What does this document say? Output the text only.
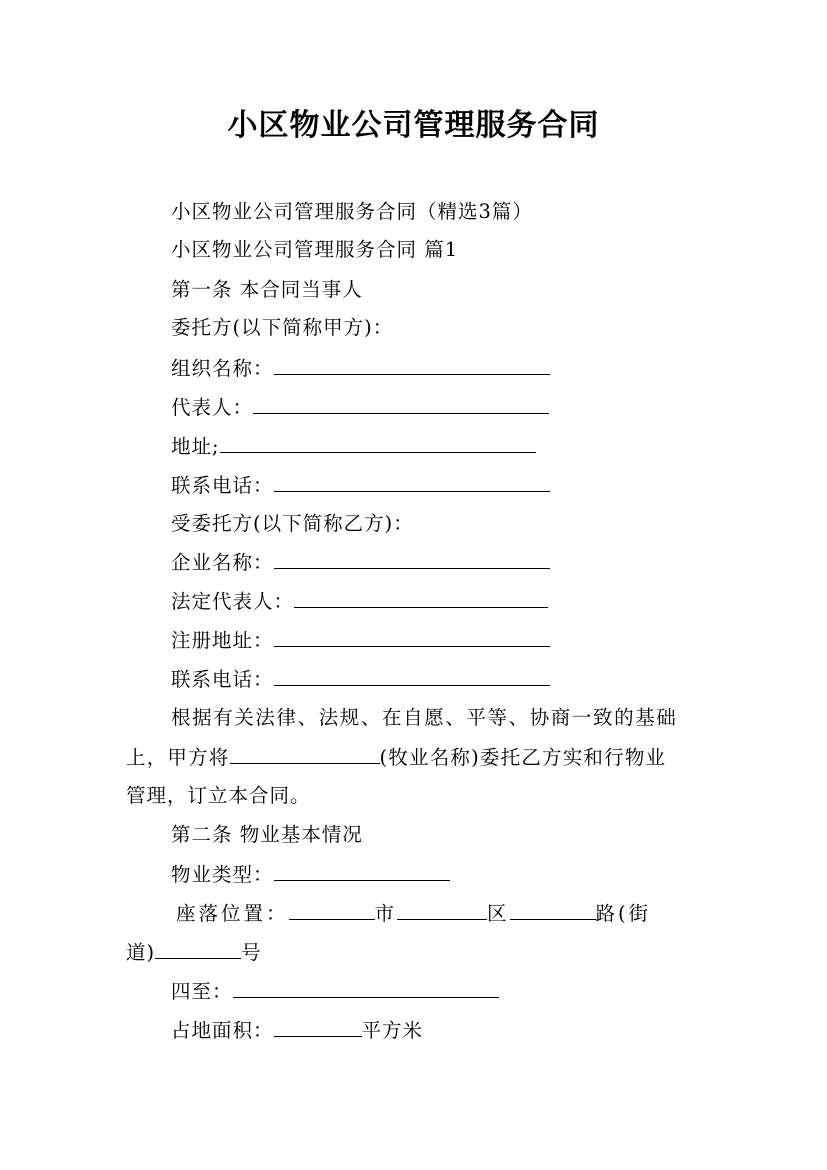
小区物业公司管理服务合同
小区物业公司管理服务合同（精选3篇）
小区物业公司管理服务合同 篇1
第一条 本合同当事人
委托方(以下简称甲方)：
组织名称：
代表人：
地址;
联系电话：
受委托方(以下简称乙方)：
企业名称：
法定代表人：
注册地址：
联系电话：
根据有关法律、法规、在自愿、平等、协商一致的基础
上，甲方将	(牧业名称)委托乙方实和行物业
管理，订立本合同。
第二条 物业基本情况
物业类型：
座落位置：	市	区	路(街
道)	号
四至：
占地面积：	平方米
